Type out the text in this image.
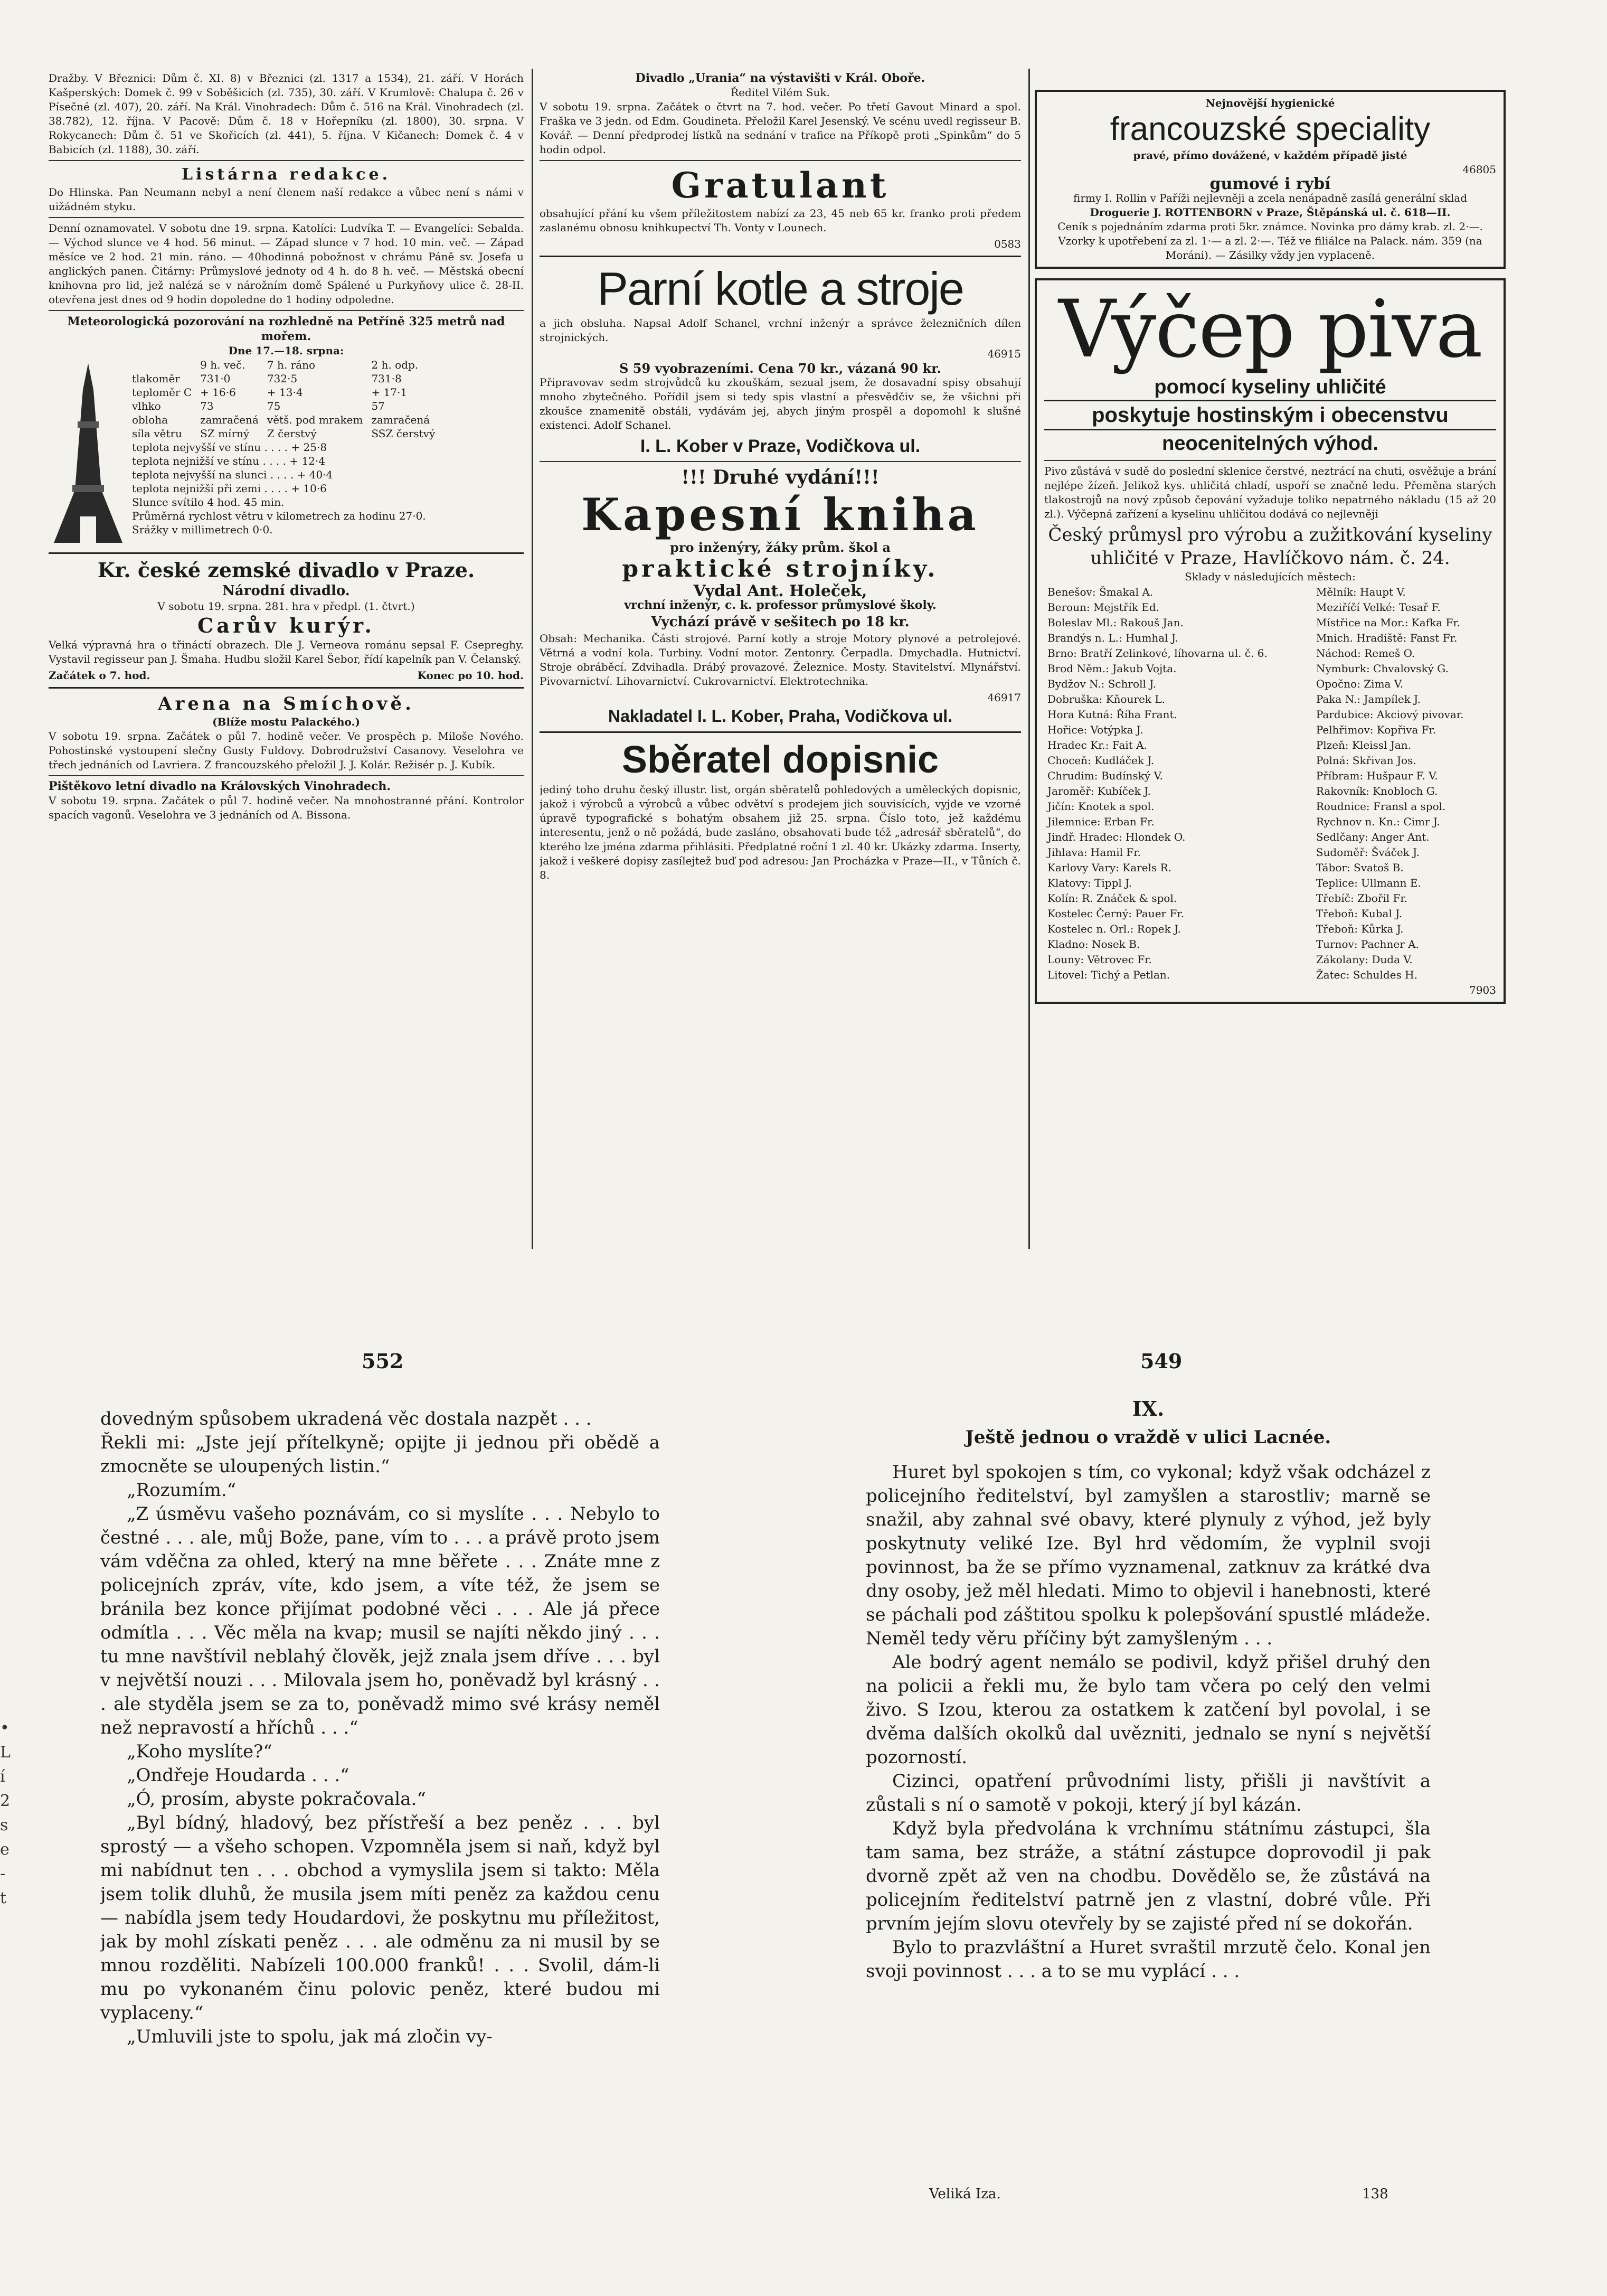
Dražby. V Březnici: Dům č. XI. 8) v Březnici (zl. 1317 a 1534), 21. září. V Horách Kašperských: Domek č. 99 v Soběšicích (zl. 735), 30. září. V Krumlově: Chalupa č. 26 v Písečné (zl. 407), 20. září. Na Král. Vinohradech: Dům č. 516 na Král. Vinohradech (zl. 38.782), 12. října. V Pacově: Dům č. 18 v Hořepníku (zl. 1800), 30. srpna. V Rokycanech: Dům č. 51 ve Skořicích (zl. 441), 5. října. V Kičanech: Domek č. 4 v Babicích (zl. 1188), 30. září.

Listárna redakce.

Do Hlinska. Pan Neumann nebyl a není členem naší redakce a vůbec není s námi v uižádném styku.

Denní oznamovatel. V sobotu dne 19. srpna. Katolíci: Ludvíka T. — Evangelíci: Sebalda. — Východ slunce ve 4 hod. 56 minut. — Západ slunce v 7 hod. 10 min. več. — Západ měsíce ve 2 hod. 21 min. ráno. — 40hodinná pobožnost v chrámu Páně sv. Josefa u anglických panen. Čitárny: Průmyslové jednoty od 4 h. do 8 h. več. — Městská obecní knihovna pro lid, jež nalézá se v nárožním domě Spálené u Purkyňovy ulice č. 28-II. otevřena jest dnes od 9 hodin dopoledne do 1 hodiny odpoledne.

Meteorologická pozorování na rozhledně na Petříně 325 metrů nad mořem.
Dne 17.—18. srpna:
	9 h. več.	7 h. ráno	2 h. odp.
tlakoměr	731·0	732·5	731·8
teploměr C	+ 16·6	+ 13·4	+ 17·1
vlhko	73	75	57
obloha	zamračená	větš. pod mrakem	zamračená
síla větru	SZ mírný	Z čerstvý	SSZ čerstvý
teplota nejvyšší ve stínu . . . . + 25·8
teplota nejnižší ve stínu . . . . + 12·4
teplota nejvyšší na slunci . . . . + 40·4
teplota nejnižší při zemi . . . . + 10·6
Slunce svítilo 4 hod. 45 min.
Průměrná rychlost větru v kilometrech za hodinu 27·0.
Srážky v millimetrech 0·0.
Kr. české zemské divadlo v Praze.
Národní divadlo.
V sobotu 19. srpna. 281. hra v předpl. (1. čtvrt.)
Carův kurýr.

Velká výpravná hra o třináctí obrazech. Dle J. Verneova románu sepsal F. Csepreghy. Vystavil regisseur pan J. Šmaha. Hudbu složil Karel Šebor, řídí kapelník pan V. Čelanský.

Začátek o 7. hod.	Konec po 10. hod.
Arena na Smíchově.
(Blíže mostu Palackého.)

V sobotu 19. srpna. Začátek o půl 7. hodině večer. Ve prospěch p. Miloše Nového. Pohostinské vystoupení slečny Gusty Fuldovy. Dobrodružství Casanovy. Veselohra ve třech jednáních od Lavriera. Z francouzského přeložil J. J. Kolár. Režisér p. J. Kubík.

Pištěkovo letní divadlo na Královských Vinohradech.

V sobotu 19. srpna. Začátek o půl 7. hodině večer. Na mnohostranné přání. Kontrolor spacích vagonů. Veselohra ve 3 jednáních od A. Bissona.

Divadlo „Urania“ na výstavišti v Král. Oboře.
Ředitel Vilém Suk.

V sobotu 19. srpna. Začátek o čtvrt na 7. hod. večer. Po třetí Gavout Minard a spol. Fraška ve 3 jedn. od Edm. Goudineta. Přeložil Karel Jesenský. Ve scénu uvedl regisseur B. Kovář. — Denní předprodej lístků na sednání v trafice na Příkopě proti „Spinkům“ do 5 hodin odpol.

Gratulant

obsahující přání ku všem příležitostem nabízí za 23, 45 neb 65 kr. franko proti předem zaslanému obnosu knihkupectví Th. Vonty v Lounech.

0583
Parní kotle a stroje

a jich obsluha. Napsal Adolf Schanel, vrchní inženýr a správce železničních dílen strojnických.

46915
S 59 vyobrazeními. Cena 70 kr., vázaná 90 kr.

Připravovav sedm strojvůdců ku zkouškám, sezual jsem, že dosavadní spisy obsahují mnoho zbytečného. Pořídil jsem si tedy spis vlastní a přesvědčiv se, že všichni při zkoušce znamenitě obstáli, vydávám jej, abych jiným prospěl a dopomohl k slušné existenci. Adolf Schanel.

I. L. Kober v Praze, Vodičkova ul.
!!! Druhé vydání!!!
Kapesní kniha
pro inženýry, žáky prům. škol a
praktické strojníky.
Vydal Ant. Holeček,
vrchní inženýr, c. k. professor průmyslové školy.
Vychází právě v sešitech po 18 kr.

Obsah: Mechanika. Části strojové. Parní kotly a stroje Motory plynové a petrolejové. Větrná a vodní kola. Turbiny. Vodní motor. Zentonry. Čerpadla. Dmychadla. Hutnictví. Stroje obráběcí. Zdvihadla. Drábý provazové. Železnice. Mosty. Stavitelství. Mlynářství. Pivovarnictví. Lihovarnictví. Cukrovarnictví. Elektrotechnika.

46917
Nakladatel I. L. Kober, Praha, Vodičkova ul.
Sběratel dopisnic

jediný toho druhu český illustr. list, orgán sběratelů pohledových a uměleckých dopisnic, jakož i výrobců a výrobců a vůbec odvětví s prodejem jich souvisících, vyjde ve vzorné úpravě typografické s bohatým obsahem již 25. srpna. Číslo toto, jež každému interesentu, jenž o ně požádá, bude zasláno, obsahovati bude též „adresář sběratelů“, do kterého lze jména zdarma přihlásiti. Předplatné roční 1 zl. 40 kr. Ukázky zdarma. Inserty, jakož i veškeré dopisy zasílejtež buď pod adresou: Jan Procházka v Praze—II., v Tůních č. 8.

Nejnovější hygienické
francouzské speciality
pravé, přímo dovážené, v každém případě jisté
46805
gumové i rybí
firmy I. Rollin v Paříži nejlevněji a zcela nenápadně zasílá generální sklad
Droguerie J. ROTTENBORN v Praze, Štěpánská ul. č. 618—II.
Ceník s pojednáním zdarma proti 5kr. známce. Novinka pro dámy krab. zl. 2·—. Vzorky k upotřebení za zl. 1·— a zl. 2·—. Též ve filiálce na Palack. nám. 359 (na Moráni). — Zásilky vždy jen vyplaceně.
Výčep piva
pomocí kyseliny uhličité
poskytuje hostinským i obecenstvu
neocenitelných výhod.

Pivo zůstává v sudě do poslední sklenice čerstvé, neztrácí na chuti, osvěžuje a brání nejlépe žízeň. Jelikož kys. uhličitá chladí, uspoří se značně ledu. Přeměna starých tlakostrojů na nový způsob čepování vyžaduje toliko nepatrného nákladu (15 až 20 zl.). Výčepná zařízení a kyselinu uhličitou dodává co nejlevněji

Český průmysl pro výrobu a zužitkování kyseliny uhličité v Praze, Havlíčkovo nám. č. 24.
Sklady v následujících městech:
Benešov: Šmakal A.	Mělník: Haupt V.
Beroun: Mejstřík Ed.	Meziříčí Velké: Tesař F.
Boleslav Ml.: Rakouš Jan.	Místřice na Mor.: Kafka Fr.
Brandýs n. L.: Humhal J.	Mnich. Hradiště: Fanst Fr.
Brno: Bratří Zelinkové, líhovarna ul. č. 6.	Náchod: Remeš O.
Brod Něm.: Jakub Vojta.	Nymburk: Chvalovský G.
Bydžov N.: Schroll J.	Opočno: Zima V.
Dobruška: Kňourek L.	Paka N.: Jampílek J.
Hora Kutná: Říha Frant.	Pardubice: Akciový pivovar.
Hořice: Votýpka J.	Pelhřimov: Kopřiva Fr.
Hradec Kr.: Fait A.	Plzeň: Kleissl Jan.
Choceň: Kudláček J.	Polná: Skřivan Jos.
Chrudim: Budínský V.	Příbram: Hušpaur F. V.
Jaroměř: Kubíček J.	Rakovník: Knobloch G.
Jičín: Knotek a spol.	Roudnice: Fransl a spol.
Jilemnice: Erban Fr.	Rychnov n. Kn.: Cimr J.
Jindř. Hradec: Hlondek O.	Sedlčany: Anger Ant.
Jihlava: Hamil Fr.	Sudoměř: Šváček J.
Karlovy Vary: Karels R.	Tábor: Svatoš B.
Klatovy: Tippl J.	Teplice: Ullmann E.
Kolín: R. Znáček & spol.	Třebíč: Zbořil Fr.
Kostelec Černý: Pauer Fr.	Třeboň: Kubal J.
Kostelec n. Orl.: Ropek J.	Třeboň: Kůrka J.
Kladno: Nosek B.	Turnov: Pachner A.
Louny: Větrovec Fr.	Zákolany: Duda V.
Litovel: Tichý a Petlan.	Žatec: Schuldes H.
7903
•
L
í
2
s
e
-
t
552	549

dovedným spůsobem ukradená věc dostala nazpět . . .

Řekli mi: „Jste její přítelkyně; opijte ji jednou při obědě a zmocněte se uloupených listin.“

„Rozumím.“

„Z úsměvu vašeho poznávám, co si myslíte . . . Nebylo to čestné . . . ale, můj Bože, pane, vím to . . . a právě proto jsem vám vděčna za ohled, který na mne běřete . . . Znáte mne z policejních zpráv, víte, kdo jsem, a víte též, že jsem se bránila bez konce přijímat podobné věci . . . Ale já přece odmítla . . . Věc měla na kvap; musil se najíti někdo jiný . . . tu mne navštívil neblahý člověk, jejž znala jsem dříve . . . byl v největší nouzi . . . Milovala jsem ho, poněvadž byl krásný . . . ale styděla jsem se za to, poněvadž mimo své krásy neměl než nepravostí a hříchů . . .“

„Koho myslíte?“

„Ondřeje Houdarda . . .“

„Ó, prosím, abyste pokračovala.“

„Byl bídný, hladový, bez přístřeší a bez peněz . . . byl sprostý — a všeho schopen. Vzpomněla jsem si naň, když byl mi nabídnut ten . . . obchod a vymyslila jsem si takto: Měla jsem tolik dluhů, že musila jsem míti peněz za každou cenu — nabídla jsem tedy Houdardovi, že poskytnu mu příležitost, jak by mohl získati peněz . . . ale odměnu za ni musil by se mnou rozděliti. Nabízeli 100.000 franků! . . . Svolil, dám-li mu po vykonaném činu polovic peněz, které budou mi vyplaceny.“

„Umluvili jste to spolu, jak má zločin vy-

IX.
Ještě jednou o vraždě v ulici Lacnée.

Huret byl spokojen s tím, co vykonal; když však odcházel z policejního ředitelství, byl zamyšlen a starostliv; marně se snažil, aby zahnal své obavy, které plynuly z výhod, jež byly poskytnuty veliké Ize. Byl hrd vědomím, že vyplnil svoji povinnost, ba že se přímo vyznamenal, zatknuv za krátké dva dny osoby, jež měl hledati. Mimo to objevil i hanebnosti, které se páchali pod záštitou spolku k polepšování spustlé mládeže. Neměl tedy věru příčiny být zamyšleným . . .

Ale bodrý agent nemálo se podivil, když přišel druhý den na policii a řekli mu, že bylo tam včera po celý den velmi živo. S Izou, kterou za ostatkem k zatčení byl povolal, i se dvěma dalších okolků dal uvězniti, jednalo se nyní s největší pozorností.

Cizinci, opatření průvodními listy, přišli ji navštívit a zůstali s ní o samotě v pokoji, který jí byl kázán.

Když byla předvolána k vrchnímu státnímu zástupci, šla tam sama, bez stráže, a státní zástupce doprovodil ji pak dvorně zpět až ven na chodbu. Dovědělo se, že zůstává na policejním ředitelství patrně jen z vlastní, dobré vůle. Při prvním jejím slovu otevřely by se zajisté před ní se dokořán.

Bylo to prazvláštní a Huret svraštil mrzutě čelo. Konal jen svoji povinnost . . . a to se mu vyplácí . . .

Veliká Iza.	138
